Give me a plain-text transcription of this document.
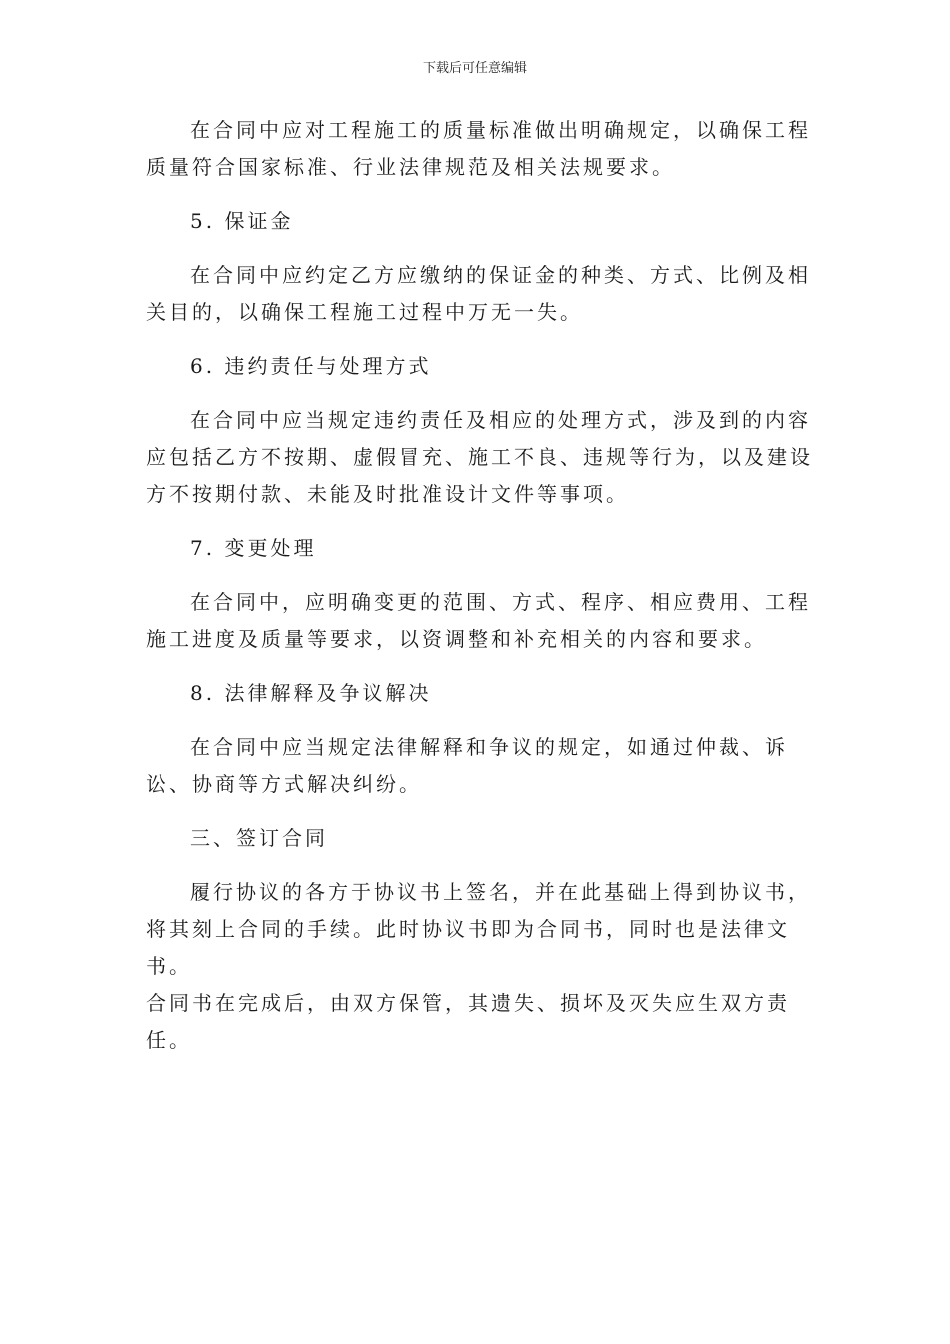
下载后可任意编辑

在合同中应对工程施工的质量标准做出明确规定，以确保工程质量符合国家标准、行业法律规范及相关法规要求。

5. 保证金

在合同中应约定乙方应缴纳的保证金的种类、方式、比例及相关目的，以确保工程施工过程中万无一失。

6. 违约责任与处理方式

在合同中应当规定违约责任及相应的处理方式，涉及到的内容应包括乙方不按期、虚假冒充、施工不良、违规等行为，以及建设方不按期付款、未能及时批准设计文件等事项。

7. 变更处理

在合同中，应明确变更的范围、方式、程序、相应费用、工程施工进度及质量等要求，以资调整和补充相关的内容和要求。

8. 法律解释及争议解决

在合同中应当规定法律解释和争议的规定，如通过仲裁、诉讼、协商等方式解决纠纷。

三、签订合同

履行协议的各方于协议书上签名，并在此基础上得到协议书，

将其刻上合同的手续。此时协议书即为合同书，同时也是法律文书。

合同书在完成后，由双方保管，其遗失、损坏及灭失应生双方责任。
